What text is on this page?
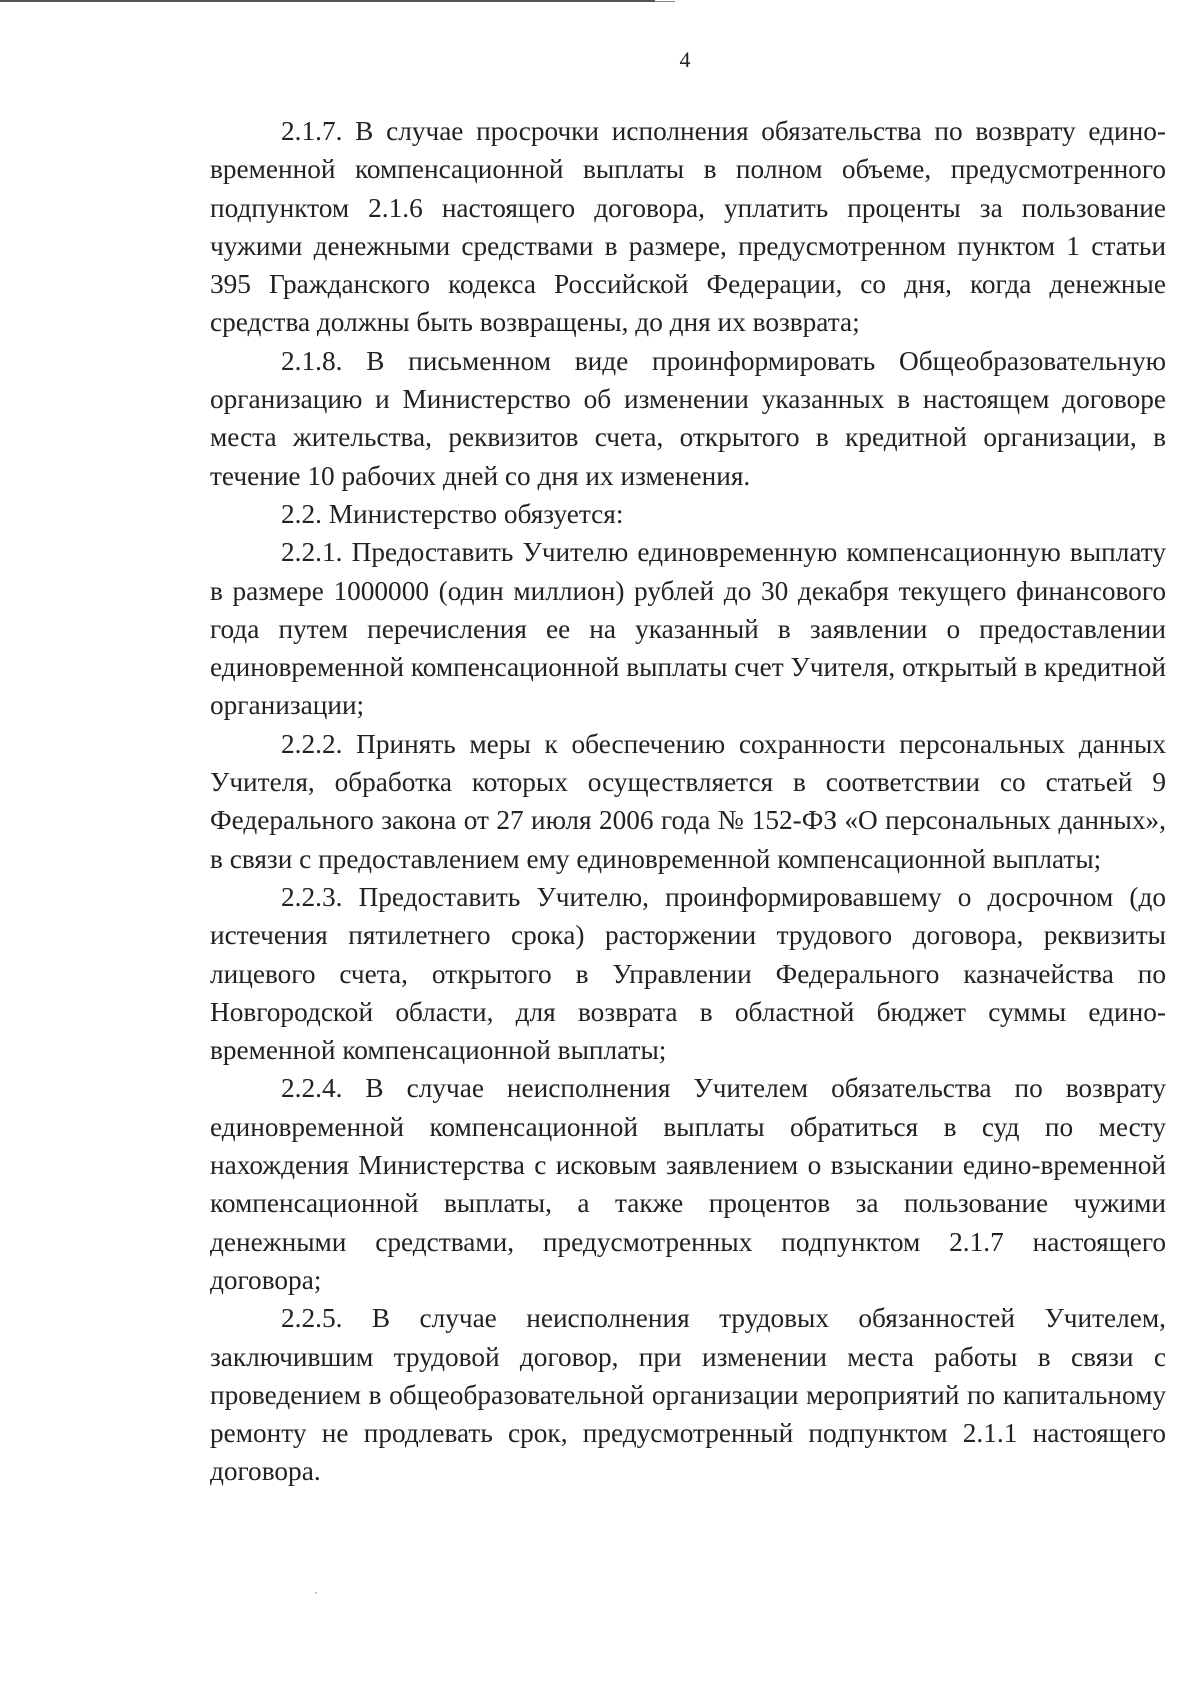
4

2.1.7. В случае просрочки исполнения обязательства по возврату едино-временной компенсационной выплаты в полном объеме, предусмотренного подпунктом 2.1.6 настоящего договора, уплатить проценты за пользование чужими денежными средствами в размере, предусмотренном пунктом 1 статьи 395 Гражданского кодекса Российской Федерации, со дня, когда денежные средства должны быть возвращены, до дня их возврата;

2.1.8. В письменном виде проинформировать Общеобразовательную организацию и Министерство об изменении указанных в настоящем договоре места жительства, реквизитов счета, открытого в кредитной организации, в течение 10 рабочих дней со дня их изменения.

2.2. Министерство обязуется:

2.2.1. Предоставить Учителю единовременную компенсационную выплату в размере 1000000 (один миллион) рублей до 30 декабря текущего финансового года путем перечисления ее на указанный в заявлении о предоставлении единовременной компенсационной выплаты счет Учителя, открытый в кредитной организации;

2.2.2. Принять меры к обеспечению сохранности персональных данных Учителя, обработка которых осуществляется в соответствии со статьей 9 Федерального закона от 27 июля 2006 года № 152-ФЗ «О персональных данных», в связи с предоставлением ему единовременной компенсационной выплаты;

2.2.3. Предоставить Учителю, проинформировавшему о досрочном (до истечения пятилетнего срока) расторжении трудового договора, реквизиты лицевого счета, открытого в Управлении Федерального казначейства по Новгородской области, для возврата в областной бюджет суммы едино-временной компенсационной выплаты;

2.2.4. В случае неисполнения Учителем обязательства по возврату единовременной компенсационной выплаты обратиться в суд по месту нахождения Министерства с исковым заявлением о взыскании едино-временной компенсационной выплаты, а также процентов за пользование чужими денежными средствами, предусмотренных подпунктом 2.1.7 настоящего договора;

2.2.5. В случае неисполнения трудовых обязанностей Учителем, заключившим трудовой договор, при изменении места работы в связи с проведением в общеобразовательной организации мероприятий по капитальному ремонту не продлевать срок, предусмотренный подпунктом 2.1.1 настоящего договора.
